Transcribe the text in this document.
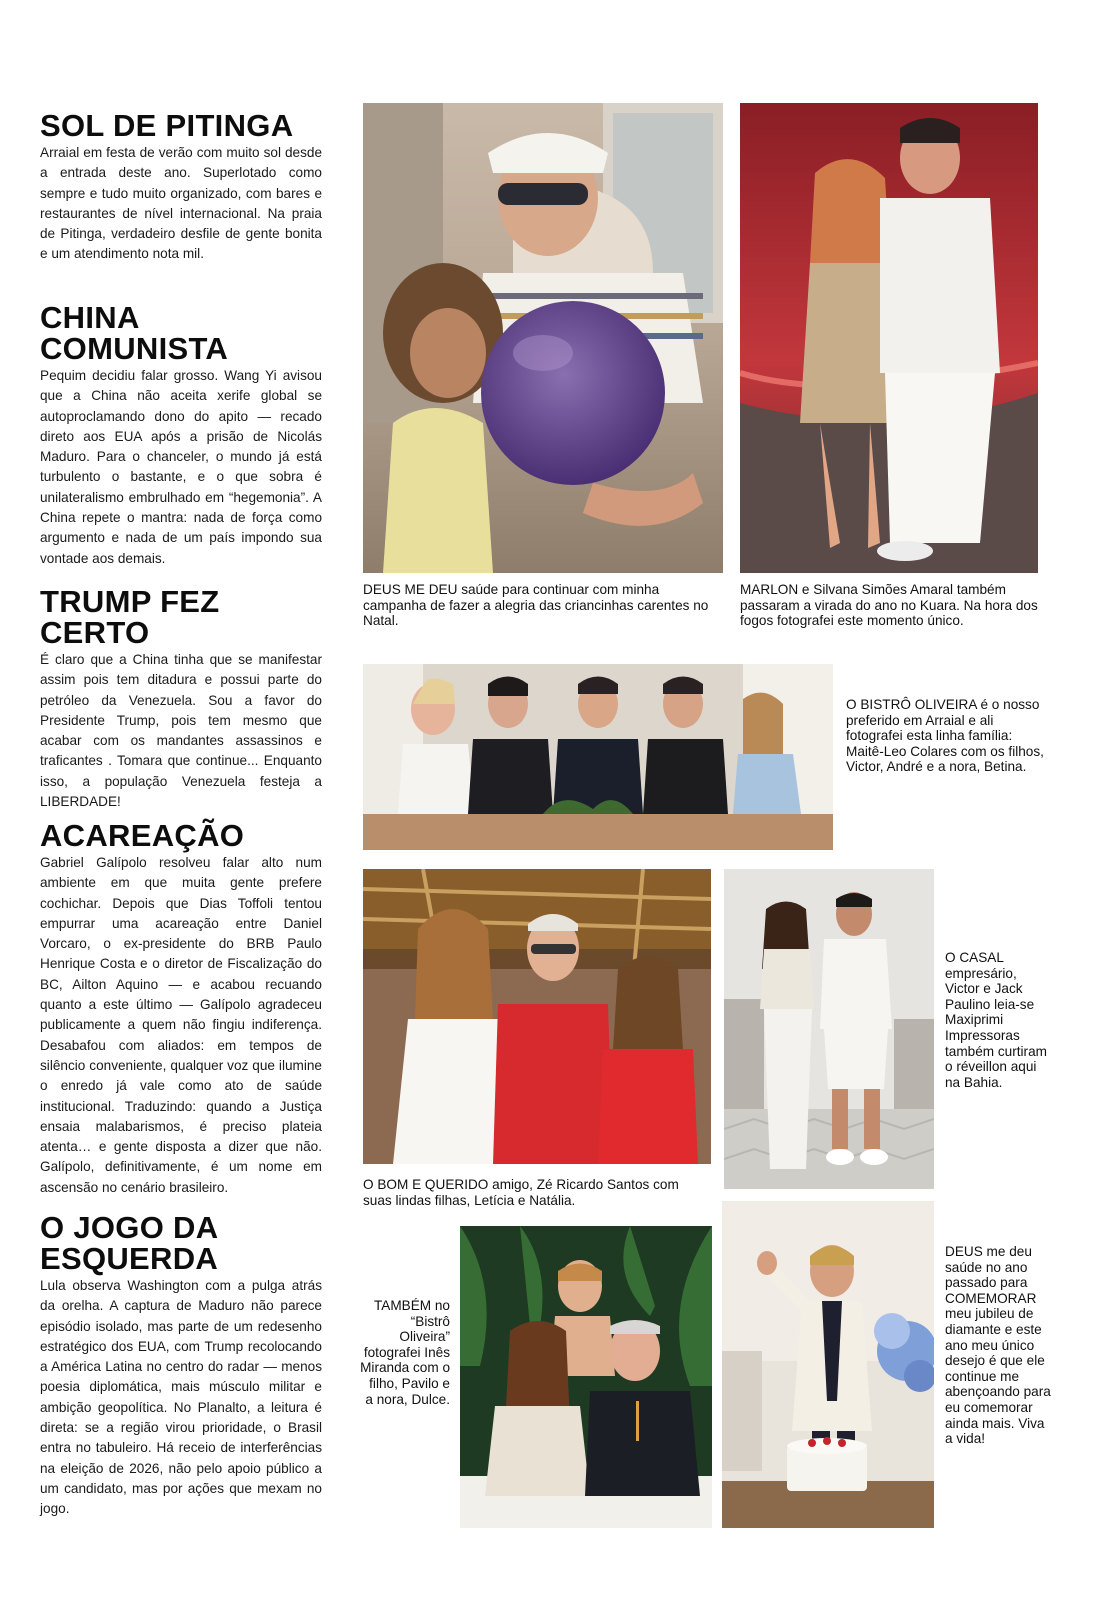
SOL DE PITINGA

Arraial em festa de verão com muito sol desde a entrada deste ano. Superlotado como sempre e tudo muito organizado, com bares e restaurantes de nível internacional. Na praia de Pitinga, verdadeiro desfile de gente bonita e um atendimento nota mil.

CHINA
COMUNISTA

Pequim decidiu falar grosso. Wang Yi avisou que a China não aceita xerife global se autoproclamando dono do apito — recado direto aos EUA após a prisão de Nicolás Maduro. Para o chanceler, o mundo já está turbulento o bastante, e o que sobra é unilateralismo embrulhado em “hegemonia”. A China repete o mantra: nada de força como argumento e nada de um país impondo sua vontade aos demais.

TRUMP FEZ
CERTO

É claro que a China tinha que se manifestar assim pois tem ditadura e possui parte do petróleo da Venezuela. Sou a favor do Presidente Trump, pois tem mesmo que acabar com os mandantes assassinos e traficantes . Tomara que continue... Enquanto isso, a população Venezuela festeja a LIBERDADE!

ACAREAÇÃO

Gabriel Galípolo resolveu falar alto num ambiente em que muita gente prefere cochichar. Depois que Dias Toffoli tentou empurrar uma acareação entre Daniel Vorcaro, o ex-presidente do BRB Paulo Henrique Costa e o diretor de Fiscalização do BC, Ailton Aquino — e acabou recuando quanto a este último — Galípolo agradeceu publicamente a quem não fingiu indiferença. Desabafou com aliados: em tempos de silêncio conveniente, qualquer voz que ilumine o enredo já vale como ato de saúde institucional. Traduzindo: quando a Justiça ensaia malabarismos, é preciso plateia atenta… e gente disposta a dizer que não. Galípolo, definitivamente, é um nome em ascensão no cenário brasileiro.

O JOGO DA
ESQUERDA

Lula observa Washington com a pulga atrás da orelha. A captura de Maduro não parece episódio isolado, mas parte de um redesenho estratégico dos EUA, com Trump recolocando a América Latina no centro do radar — menos poesia diplomática, mais músculo militar e ambição geopolítica. No Planalto, a leitura é direta: se a região virou prioridade, o Brasil entra no tabuleiro. Há receio de interferências na eleição de 2026, não pelo apoio público a um candidato, mas por ações que mexam no jogo.

DEUS ME DEU saúde para continuar com minha campanha de fazer a alegria das criancinhas carentes no Natal.
MARLON e Silvana Simões Amaral também passaram a virada do ano no Kuara. Na hora dos fogos fotografei este momento único.
O BISTRÔ OLIVEIRA é o nosso preferido em Arraial e ali fotografei esta linha família: Maitê-Leo Colares com os filhos, Victor, André e a nora, Betina.
O BOM E QUERIDO amigo, Zé Ricardo Santos com suas lindas filhas, Letícia e Natália.
O CASAL empresário, Victor e Jack Paulino leia-se Maxiprimi Impressoras também curtiram o réveillon aqui na Bahia.
TAMBÉM no “Bistrô Oliveira” fotografei Inês Miranda com o filho, Pavilo e a nora, Dulce.
DEUS me deu saúde no ano passado para COMEMORAR meu jubileu de diamante e este ano meu único desejo é que ele continue me abençoando para eu comemorar ainda mais. Viva a vida!
